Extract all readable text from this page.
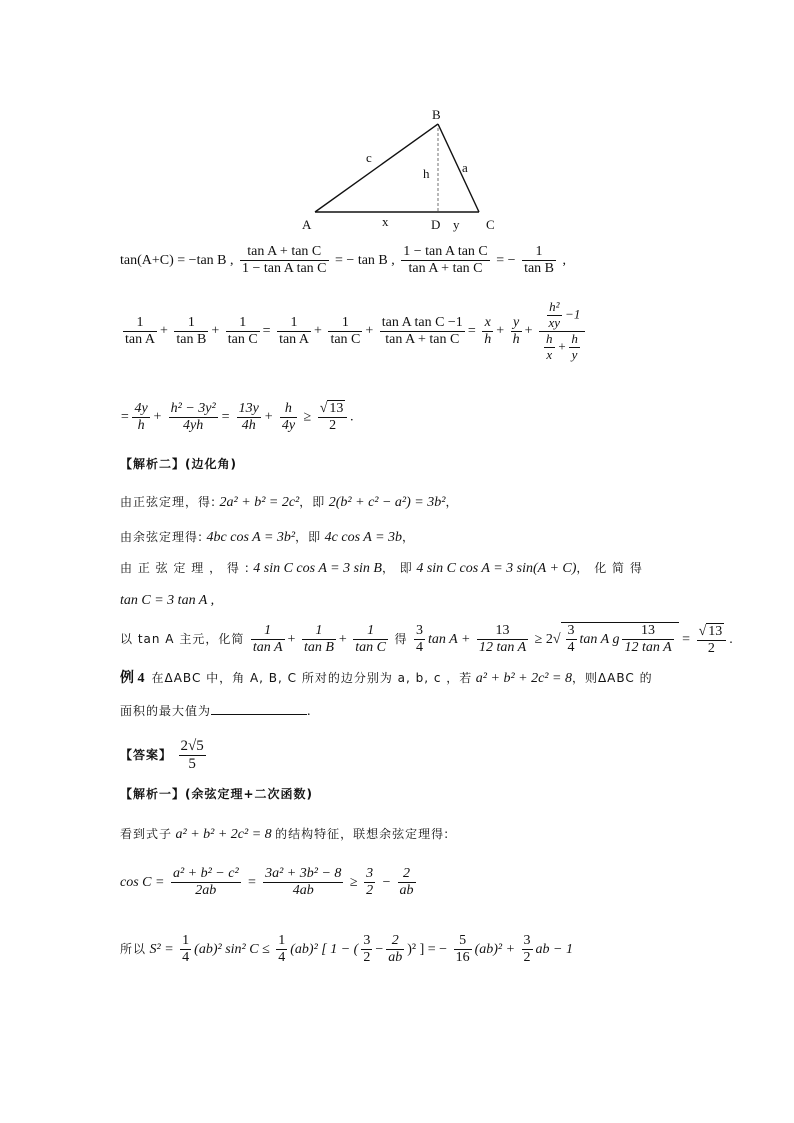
B
c
a
h
A	x	D y C
tan(A+C) = −tan B , $\frac{\text{tan A + tan C}}{\text{1 − tan A tan C}}$ = − tan B , $\frac{\text{1 − tan A tan C}}{\text{tan A + tan C}}$ = − $\frac{1}{\text{tan B}}$ ,
$\frac{1}{\text{tan A}} + \frac{1}{\text{tan B}} + \frac{1}{\text{tan C}} = \frac{1}{\text{tan A}} + \frac{1}{\text{tan C}} + \frac{\text{tan A tan C −1}}{\text{tan A + tan C}} = \frac{x}{h} + \frac{y}{h} + \frac{\frac{\text{h²}}{xy} -1}{\frac{h}{x} + \frac{h}{y}}$
= $\frac{4y}{h} + \frac{\text{h² − 3y²}}{4yh} = \frac{13y}{4h} + \frac{h}{4y} \ge \frac{√ 13}{2}$ .
【解析二】(边化角)
由正弦定理，得: 2a² + b² = 2c²，即 2(b² + c² − a²) = 3b²，
由余弦定理得: 4bc cos A = 3b²，即 4c cos A = 3b，
由 正 弦 定 理 ， 得 : 4 sin C cos A = 3 sin B， 即 4 sin C cos A = 3 sin(A + C)， 化 简 得
tan C = 3 tan A ,
以 tan A 主元，化简 $\frac{1}{\text{tan A}} + \frac{1}{\text{tan B}} + \frac{1}{\text{tan C}}$ 得 $\frac{3}{4}$ $\tan A + \frac{13}{\text{12 tan A}} \ge 2√ \frac{3}{4}$ tan A g $\frac{13}{\text{12 tan A}} = \frac{√ 13}{2}$ .
例 4 在ΔABC 中，角 A, B, C 所对的边分别为 a, b, c ，若 a² + b² + 2c² = 8，则ΔABC 的
面积的最大值为	.
【答案】 $\frac{2√5}{5}$
【解析一】(余弦定理+二次函数)
看到式子 a² + b² + 2c² = 8 的结构特征，联想余弦定理得:
$\cos C = \frac{\text{a² + b² − c²}}{2ab} = \frac{\text{3a² + 3b² − 8}}{4ab} \ge \frac{3}{2} - \frac{2}{ab}$
所以 $S^2 = \frac{1}{4} (ab)^2$ sin² $C \le \frac{1}{4} (ab)^2$ [ 1 − ( $\frac{3}{2} - \frac{2}{ab} )^2$ ] = − $\frac{5}{16} (ab)^2 + \frac{3}{2}$ ab − 1
